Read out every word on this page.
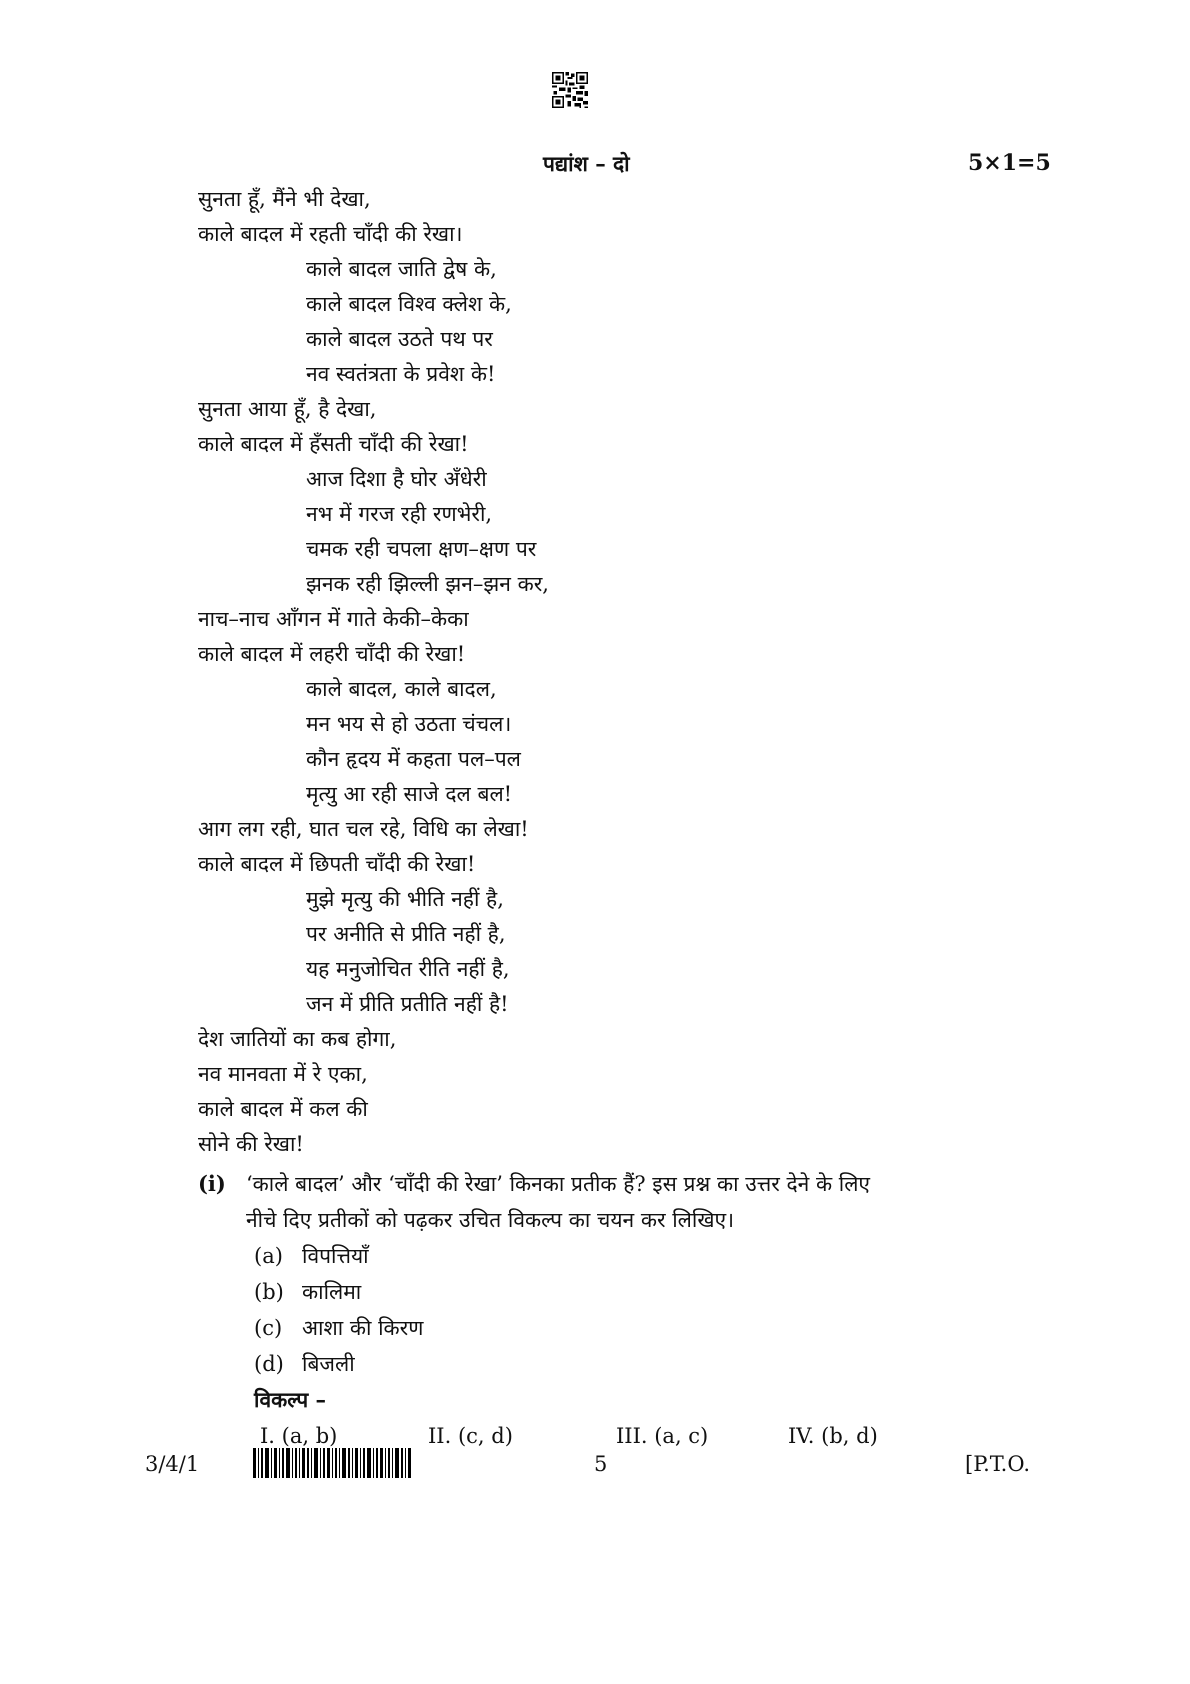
पद्यांश – दो	5×1=5
सुनता हूँ, मैंने भी देखा,
काले बादल में रहती चाँदी की रेखा।
काले बादल जाति द्वेष के,
काले बादल विश्व क्लेश के,
काले बादल उठते पथ पर
नव स्वतंत्रता के प्रवेश के!
सुनता आया हूँ, है देखा,
काले बादल में हँसती चाँदी की रेखा!
आज दिशा है घोर अँधेरी
नभ में गरज रही रणभेरी,
चमक रही चपला क्षण–क्षण पर
झनक रही झिल्ली झन–झन कर,
नाच–नाच आँगन में गाते केकी–केका
काले बादल में लहरी चाँदी की रेखा!
काले बादल, काले बादल,
मन भय से हो उठता चंचल।
कौन हृदय में कहता पल–पल
मृत्यु आ रही साजे दल बल!
आग लग रही, घात चल रहे, विधि का लेखा!
काले बादल में छिपती चाँदी की रेखा!
मुझे मृत्यु की भीति नहीं है,
पर अनीति से प्रीति नहीं है,
यह मनुजोचित रीति नहीं है,
जन में प्रीति प्रतीति नहीं है!
देश जातियों का कब होगा,
नव मानवता में रे एका,
काले बादल में कल की
सोने की रेखा!
(i) ‘काले बादल’ और ‘चाँदी की रेखा’ किनका प्रतीक हैं? इस प्रश्न का उत्तर देने के लिए
नीचे दिए प्रतीकों को पढ़कर उचित विकल्प का चयन कर लिखिए।
(a) विपत्तियाँ
(b) कालिमा
(c) आशा की किरण
(d) बिजली
विकल्प –
I. (a, b)	II. (c, d)	III. (a, c)	IV. (b, d)
3/4/1	5	[P.T.O.
